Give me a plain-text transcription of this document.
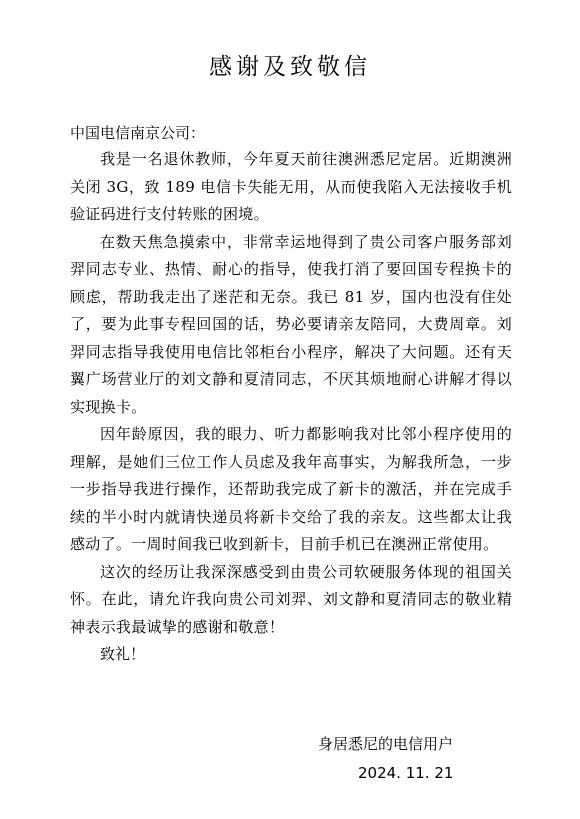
感谢及致敬信

中国电信南京公司：

我是一名退休教师，今年夏天前往澳洲悉尼定居。近期澳洲关闭 3G，致 189 电信卡失能无用，从而使我陷入无法接收手机验证码进行支付转账的困境。

在数天焦急摸索中，非常幸运地得到了贵公司客户服务部刘羿同志专业、热情、耐心的指导，使我打消了要回国专程换卡的顾虑，帮助我走出了迷茫和无奈。我已 81 岁，国内也没有住处了，要为此事专程回国的话，势必要请亲友陪同，大费周章。刘羿同志指导我使用电信比邻柜台小程序，解决了大问题。还有天翼广场营业厅的刘文静和夏清同志，不厌其烦地耐心讲解才得以实现换卡。

因年龄原因，我的眼力、听力都影响我对比邻小程序使用的理解，是她们三位工作人员虑及我年高事实，为解我所急，一步一步指导我进行操作，还帮助我完成了新卡的激活，并在完成手续的半小时内就请快递员将新卡交给了我的亲友。这些都太让我感动了。一周时间我已收到新卡，目前手机已在澳洲正常使用。

这次的经历让我深深感受到由贵公司软硬服务体现的祖国关怀。在此，请允许我向贵公司刘羿、刘文静和夏清同志的敬业精神表示我最诚挚的感谢和敬意！

致礼！

身居悉尼的电信用户

2024. 11. 21
